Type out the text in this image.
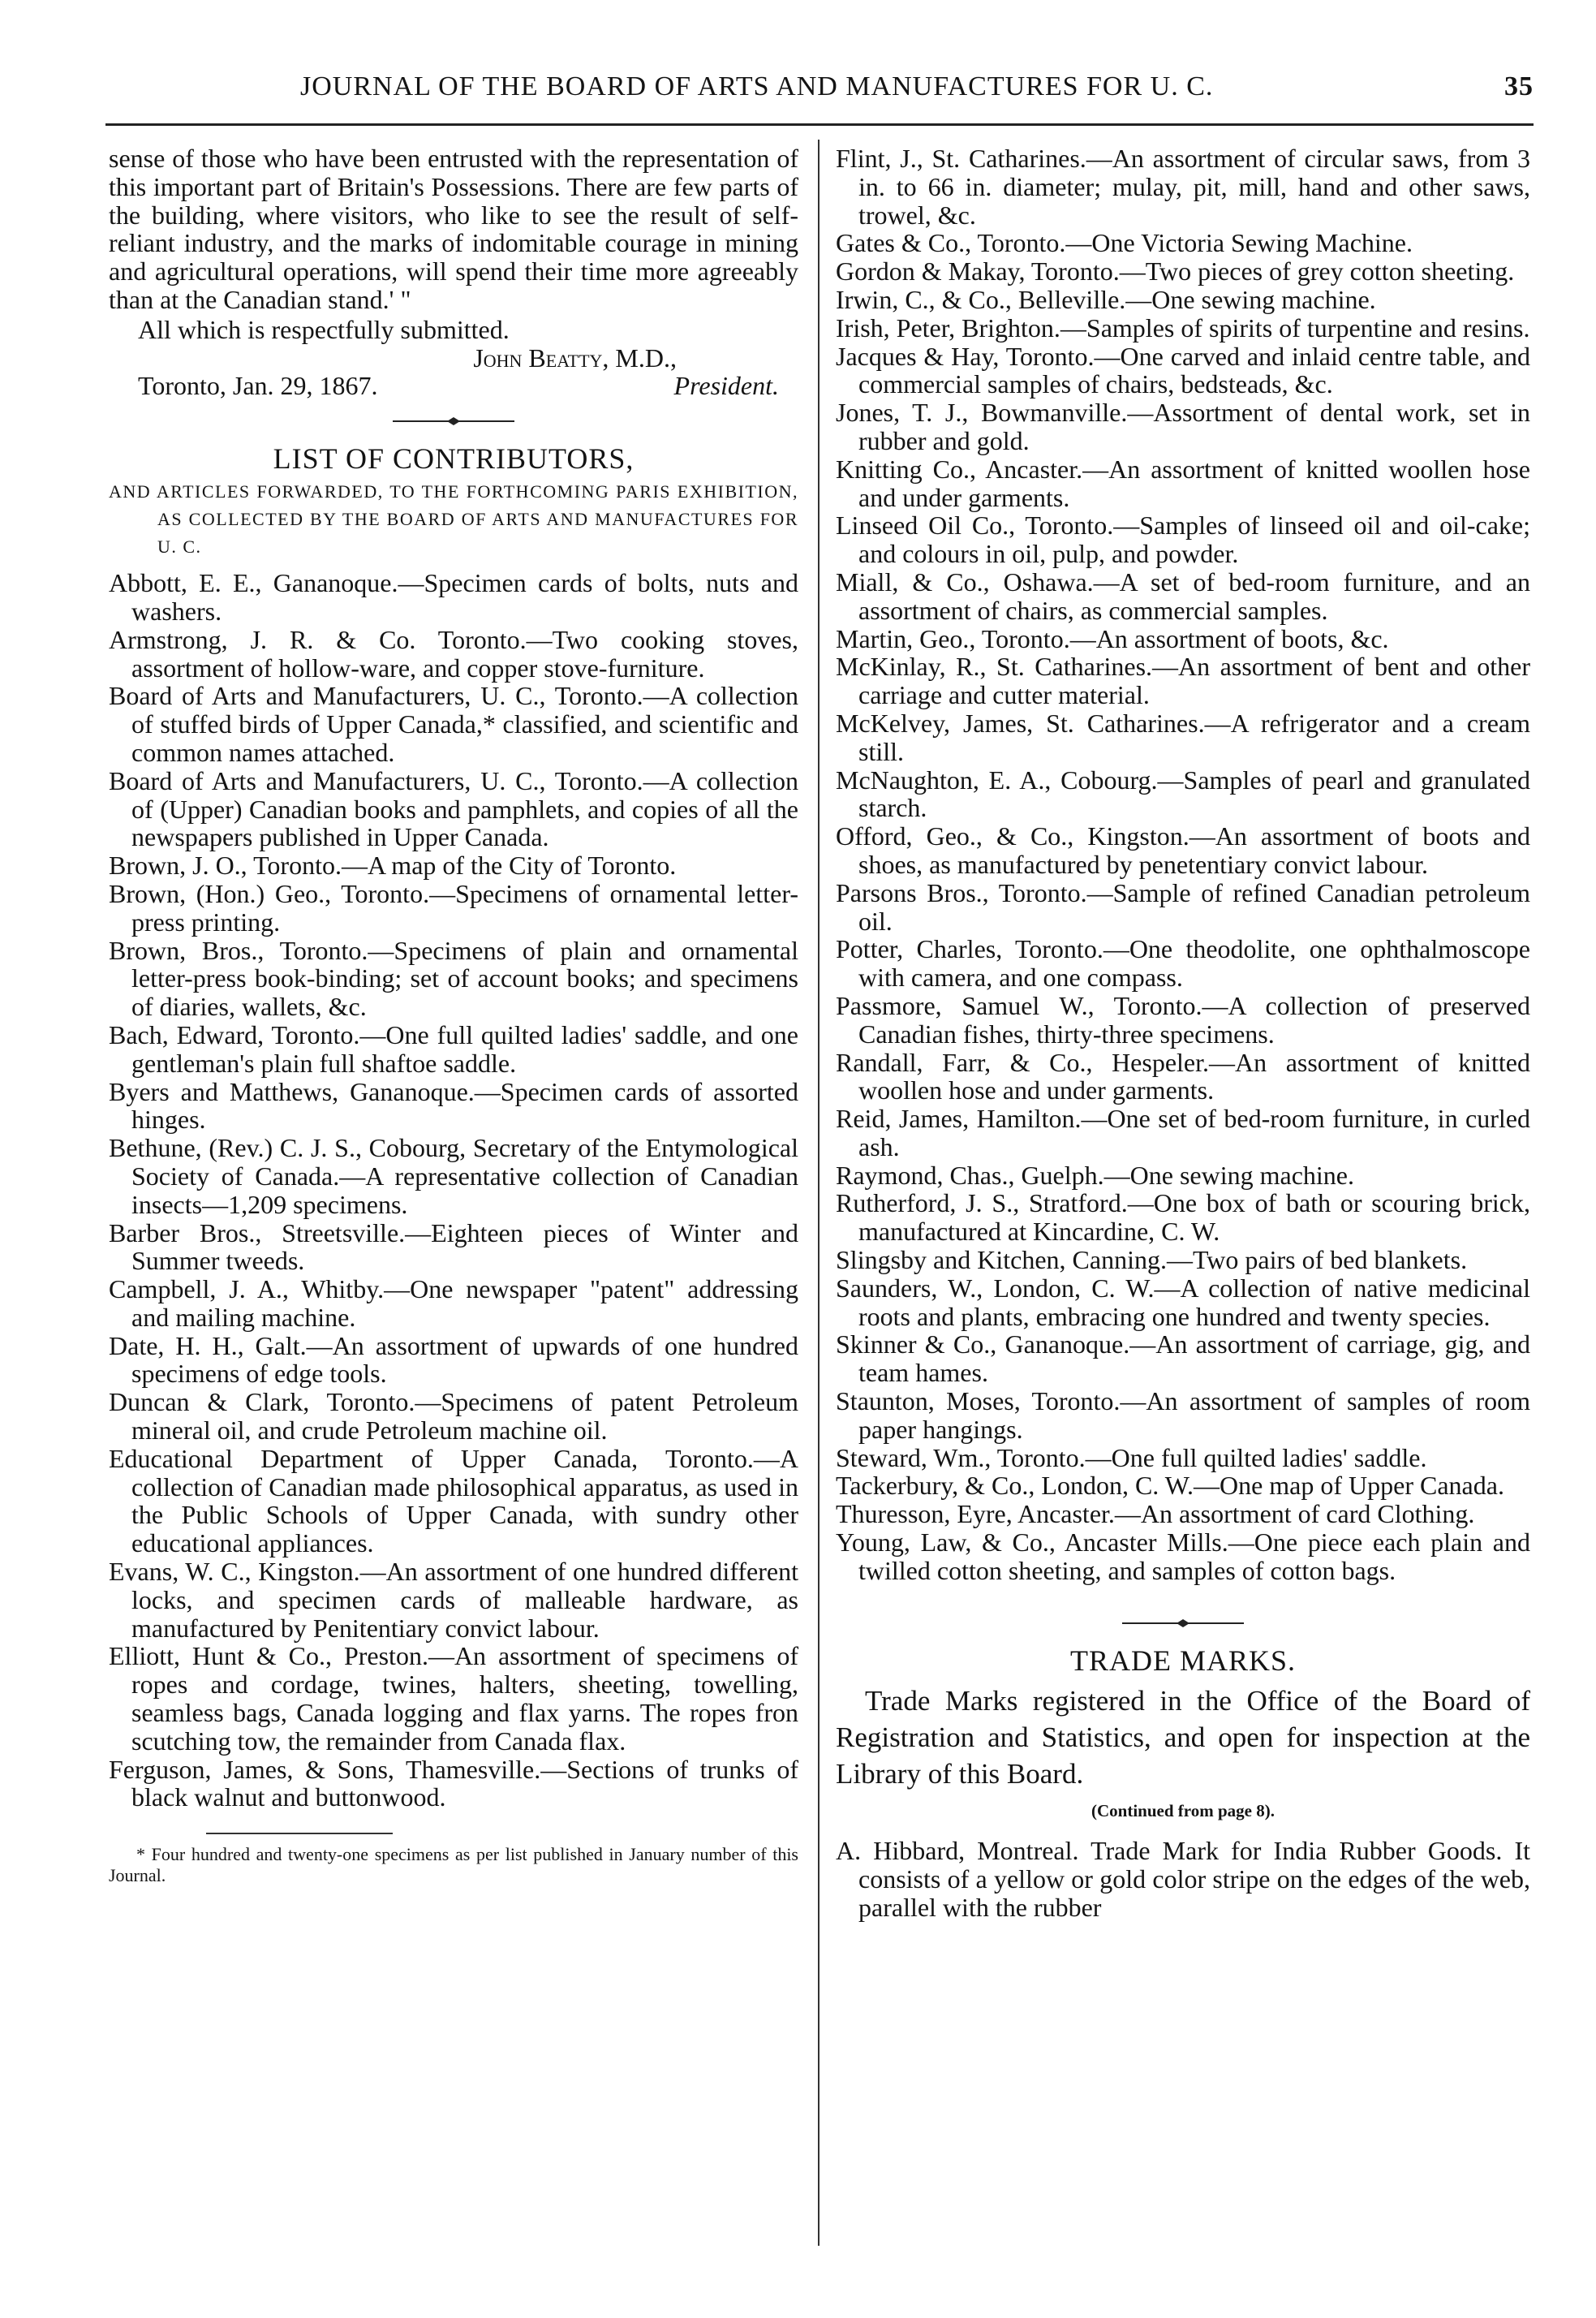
JOURNAL OF THE BOARD OF ARTS AND MANUFACTURES FOR U. C.	35

sense of those who have been entrusted with the representation of this important part of Britain's Possessions. There are few parts of the building, where visitors, who like to see the result of self-reliant industry, and the marks of indomitable courage in mining and agricultural operations, will spend their time more agreeably than at the Canadian stand.' "

All which is respectfully submitted.

John Beatty, M.D.,

Toronto, Jan. 29, 1867.	President.

LIST OF CONTRIBUTORS,

AND ARTICLES FORWARDED, TO THE FORTHCOMING PARIS EXHIBITION, AS COLLECTED BY THE BOARD OF ARTS AND MANUFACTURES FOR U. C.

Abbott, E. E., Gananoque.—Specimen cards of bolts, nuts and washers.

Armstrong, J. R. & Co. Toronto.—Two cooking stoves, assortment of hollow-ware, and copper stove-furniture.

Board of Arts and Manufacturers, U. C., Toronto.—A collection of stuffed birds of Upper Canada,* classified, and scientific and common names attached.

Board of Arts and Manufacturers, U. C., Toronto.—A collection of (Upper) Canadian books and pamphlets, and copies of all the newspapers published in Upper Canada.

Brown, J. O., Toronto.—A map of the City of Toronto.

Brown, (Hon.) Geo., Toronto.—Specimens of ornamental letter-press printing.

Brown, Bros., Toronto.—Specimens of plain and ornamental letter-press book-binding; set of account books; and specimens of diaries, wallets, &c.

Bach, Edward, Toronto.—One full quilted ladies' saddle, and one gentleman's plain full shaftoe saddle.

Byers and Matthews, Gananoque.—Specimen cards of assorted hinges.

Bethune, (Rev.) C. J. S., Cobourg, Secretary of the Entymological Society of Canada.—A representative collection of Canadian insects—1,209 specimens.

Barber Bros., Streetsville.—Eighteen pieces of Winter and Summer tweeds.

Campbell, J. A., Whitby.—One newspaper "patent" addressing and mailing machine.

Date, H. H., Galt.—An assortment of upwards of one hundred specimens of edge tools.

Duncan & Clark, Toronto.—Specimens of patent Petroleum mineral oil, and crude Petroleum machine oil.

Educational Department of Upper Canada, Toronto.—A collection of Canadian made philosophical apparatus, as used in the Public Schools of Upper Canada, with sundry other educational appliances.

Evans, W. C., Kingston.—An assortment of one hundred different locks, and specimen cards of malleable hardware, as manufactured by Penitentiary convict labour.

Elliott, Hunt & Co., Preston.—An assortment of specimens of ropes and cordage, twines, halters, sheeting, towelling, seamless bags, Canada logging and flax yarns. The ropes fron scutching tow, the remainder from Canada flax.

Ferguson, James, & Sons, Thamesville.—Sections of trunks of black walnut and buttonwood.

* Four hundred and twenty-one specimens as per list published in January number of this Journal.

Flint, J., St. Catharines.—An assortment of circular saws, from 3 in. to 66 in. diameter; mulay, pit, mill, hand and other saws, trowel, &c.

Gates & Co., Toronto.—One Victoria Sewing Machine.

Gordon & Makay, Toronto.—Two pieces of grey cotton sheeting.

Irwin, C., & Co., Belleville.—One sewing machine.

Irish, Peter, Brighton.—Samples of spirits of turpentine and resins.

Jacques & Hay, Toronto.—One carved and inlaid centre table, and commercial samples of chairs, bedsteads, &c.

Jones, T. J., Bowmanville.—Assortment of dental work, set in rubber and gold.

Knitting Co., Ancaster.—An assortment of knitted woollen hose and under garments.

Linseed Oil Co., Toronto.—Samples of linseed oil and oil-cake; and colours in oil, pulp, and powder.

Miall, & Co., Oshawa.—A set of bed-room furniture, and an assortment of chairs, as commercial samples.

Martin, Geo., Toronto.—An assortment of boots, &c.

McKinlay, R., St. Catharines.—An assortment of bent and other carriage and cutter material.

McKelvey, James, St. Catharines.—A refrigerator and a cream still.

McNaughton, E. A., Cobourg.—Samples of pearl and granulated starch.

Offord, Geo., & Co., Kingston.—An assortment of boots and shoes, as manufactured by penetentiary convict labour.

Parsons Bros., Toronto.—Sample of refined Canadian petroleum oil.

Potter, Charles, Toronto.—One theodolite, one ophthalmoscope with camera, and one compass.

Passmore, Samuel W., Toronto.—A collection of preserved Canadian fishes, thirty-three specimens.

Randall, Farr, & Co., Hespeler.—An assortment of knitted woollen hose and under garments.

Reid, James, Hamilton.—One set of bed-room furniture, in curled ash.

Raymond, Chas., Guelph.—One sewing machine.

Rutherford, J. S., Stratford.—One box of bath or scouring brick, manufactured at Kincardine, C. W.

Slingsby and Kitchen, Canning.—Two pairs of bed blankets.

Saunders, W., London, C. W.—A collection of native medicinal roots and plants, embracing one hundred and twenty species.

Skinner & Co., Gananoque.—An assortment of carriage, gig, and team hames.

Staunton, Moses, Toronto.—An assortment of samples of room paper hangings.

Steward, Wm., Toronto.—One full quilted ladies' saddle.

Tackerbury, & Co., London, C. W.—One map of Upper Canada.

Thuresson, Eyre, Ancaster.—An assortment of card Clothing.

Young, Law, & Co., Ancaster Mills.—One piece each plain and twilled cotton sheeting, and samples of cotton bags.

TRADE MARKS.

Trade Marks registered in the Office of the Board of Registration and Statistics, and open for inspection at the Library of this Board.

(Continued from page 8).

A. Hibbard, Montreal. Trade Mark for India Rubber Goods. It consists of a yellow or gold color stripe on the edges of the web, parallel with the rubber
